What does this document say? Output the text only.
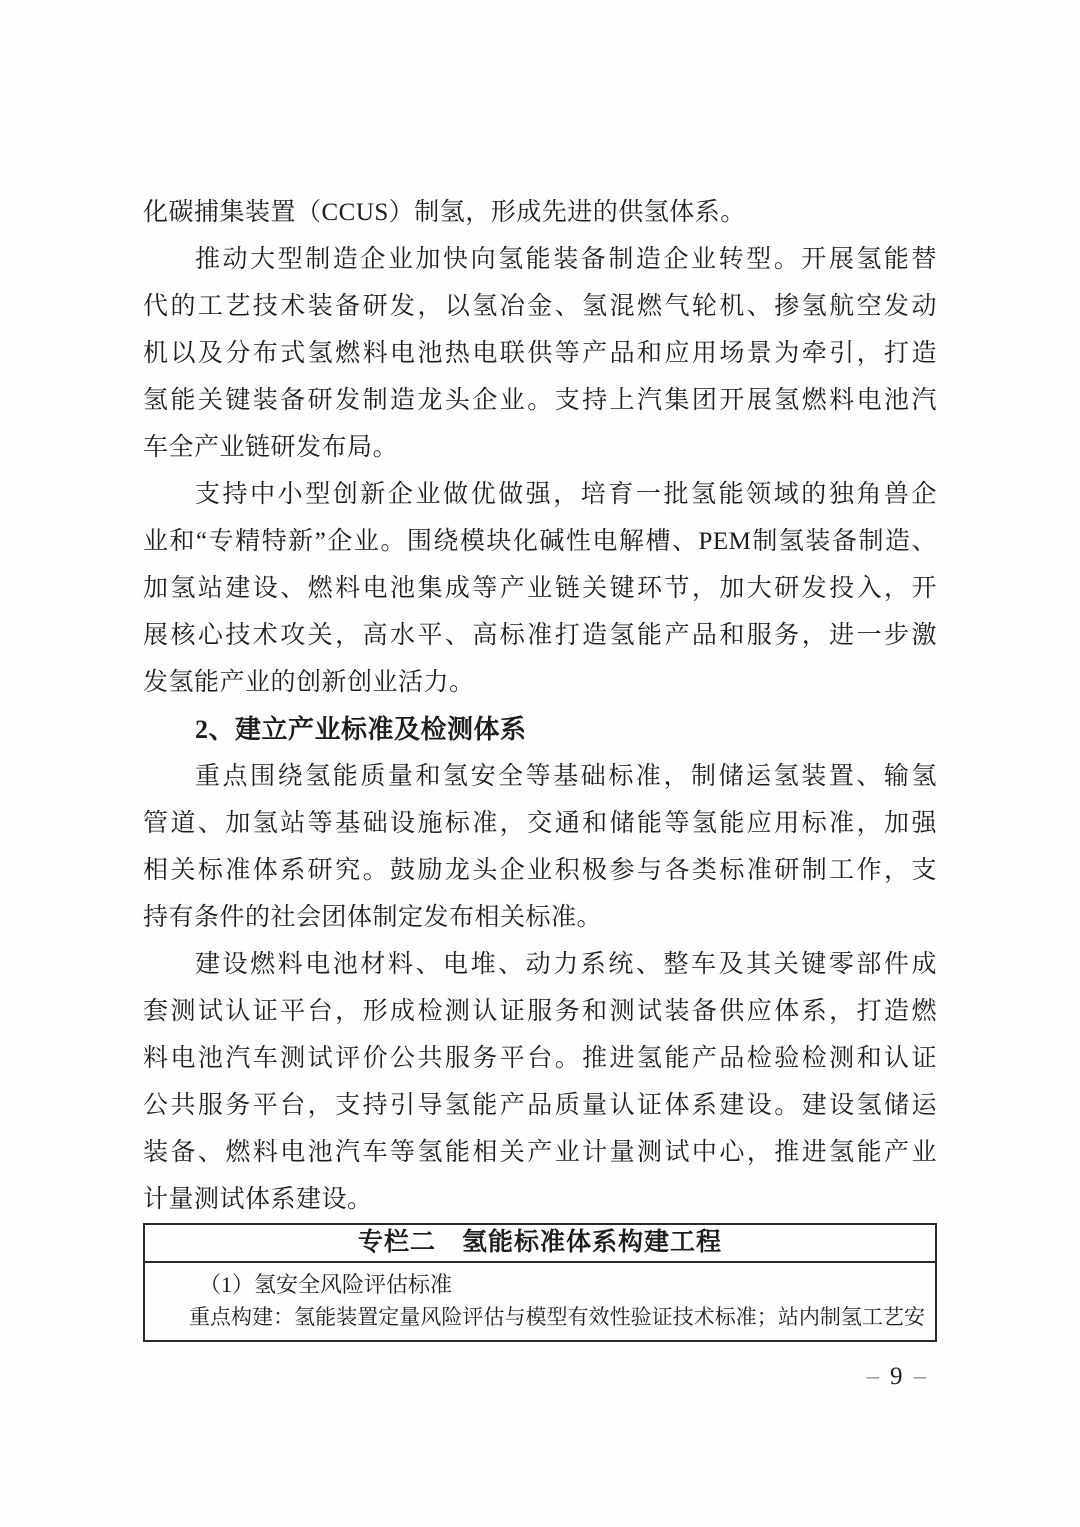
化碳捕集装置（CCUS）制氢，形成先进的供氢体系。
推动大型制造企业加快向氢能装备制造企业转型。开展氢能替
代的工艺技术装备研发，以氢冶金、氢混燃气轮机、掺氢航空发动
机以及分布式氢燃料电池热电联供等产品和应用场景为牵引，打造
氢能关键装备研发制造龙头企业。支持上汽集团开展氢燃料电池汽
车全产业链研发布局。
支持中小型创新企业做优做强，培育一批氢能领域的独角兽企
业和“专精特新”企业。围绕模块化碱性电解槽、PEM制氢装备制造、
加氢站建设、燃料电池集成等产业链关键环节，加大研发投入，开
展核心技术攻关，高水平、高标准打造氢能产品和服务，进一步激
发氢能产业的创新创业活力。
2、建立产业标准及检测体系
重点围绕氢能质量和氢安全等基础标准，制储运氢装置、输氢
管道、加氢站等基础设施标准，交通和储能等氢能应用标准，加强
相关标准体系研究。鼓励龙头企业积极参与各类标准研制工作，支
持有条件的社会团体制定发布相关标准。
建设燃料电池材料、电堆、动力系统、整车及其关键零部件成
套测试认证平台，形成检测认证服务和测试装备供应体系，打造燃
料电池汽车测试评价公共服务平台。推进氢能产品检验检测和认证
公共服务平台，支持引导氢能产品质量认证体系建设。建设氢储运
装备、燃料电池汽车等氢能相关产业计量测试中心，推进氢能产业
计量测试体系建设。
专栏二　氢能标准体系构建工程
（1）氢安全风险评估标准
重点构建：氢能装置定量风险评估与模型有效性验证技术标准；站内制氢工艺安
– 9 –
